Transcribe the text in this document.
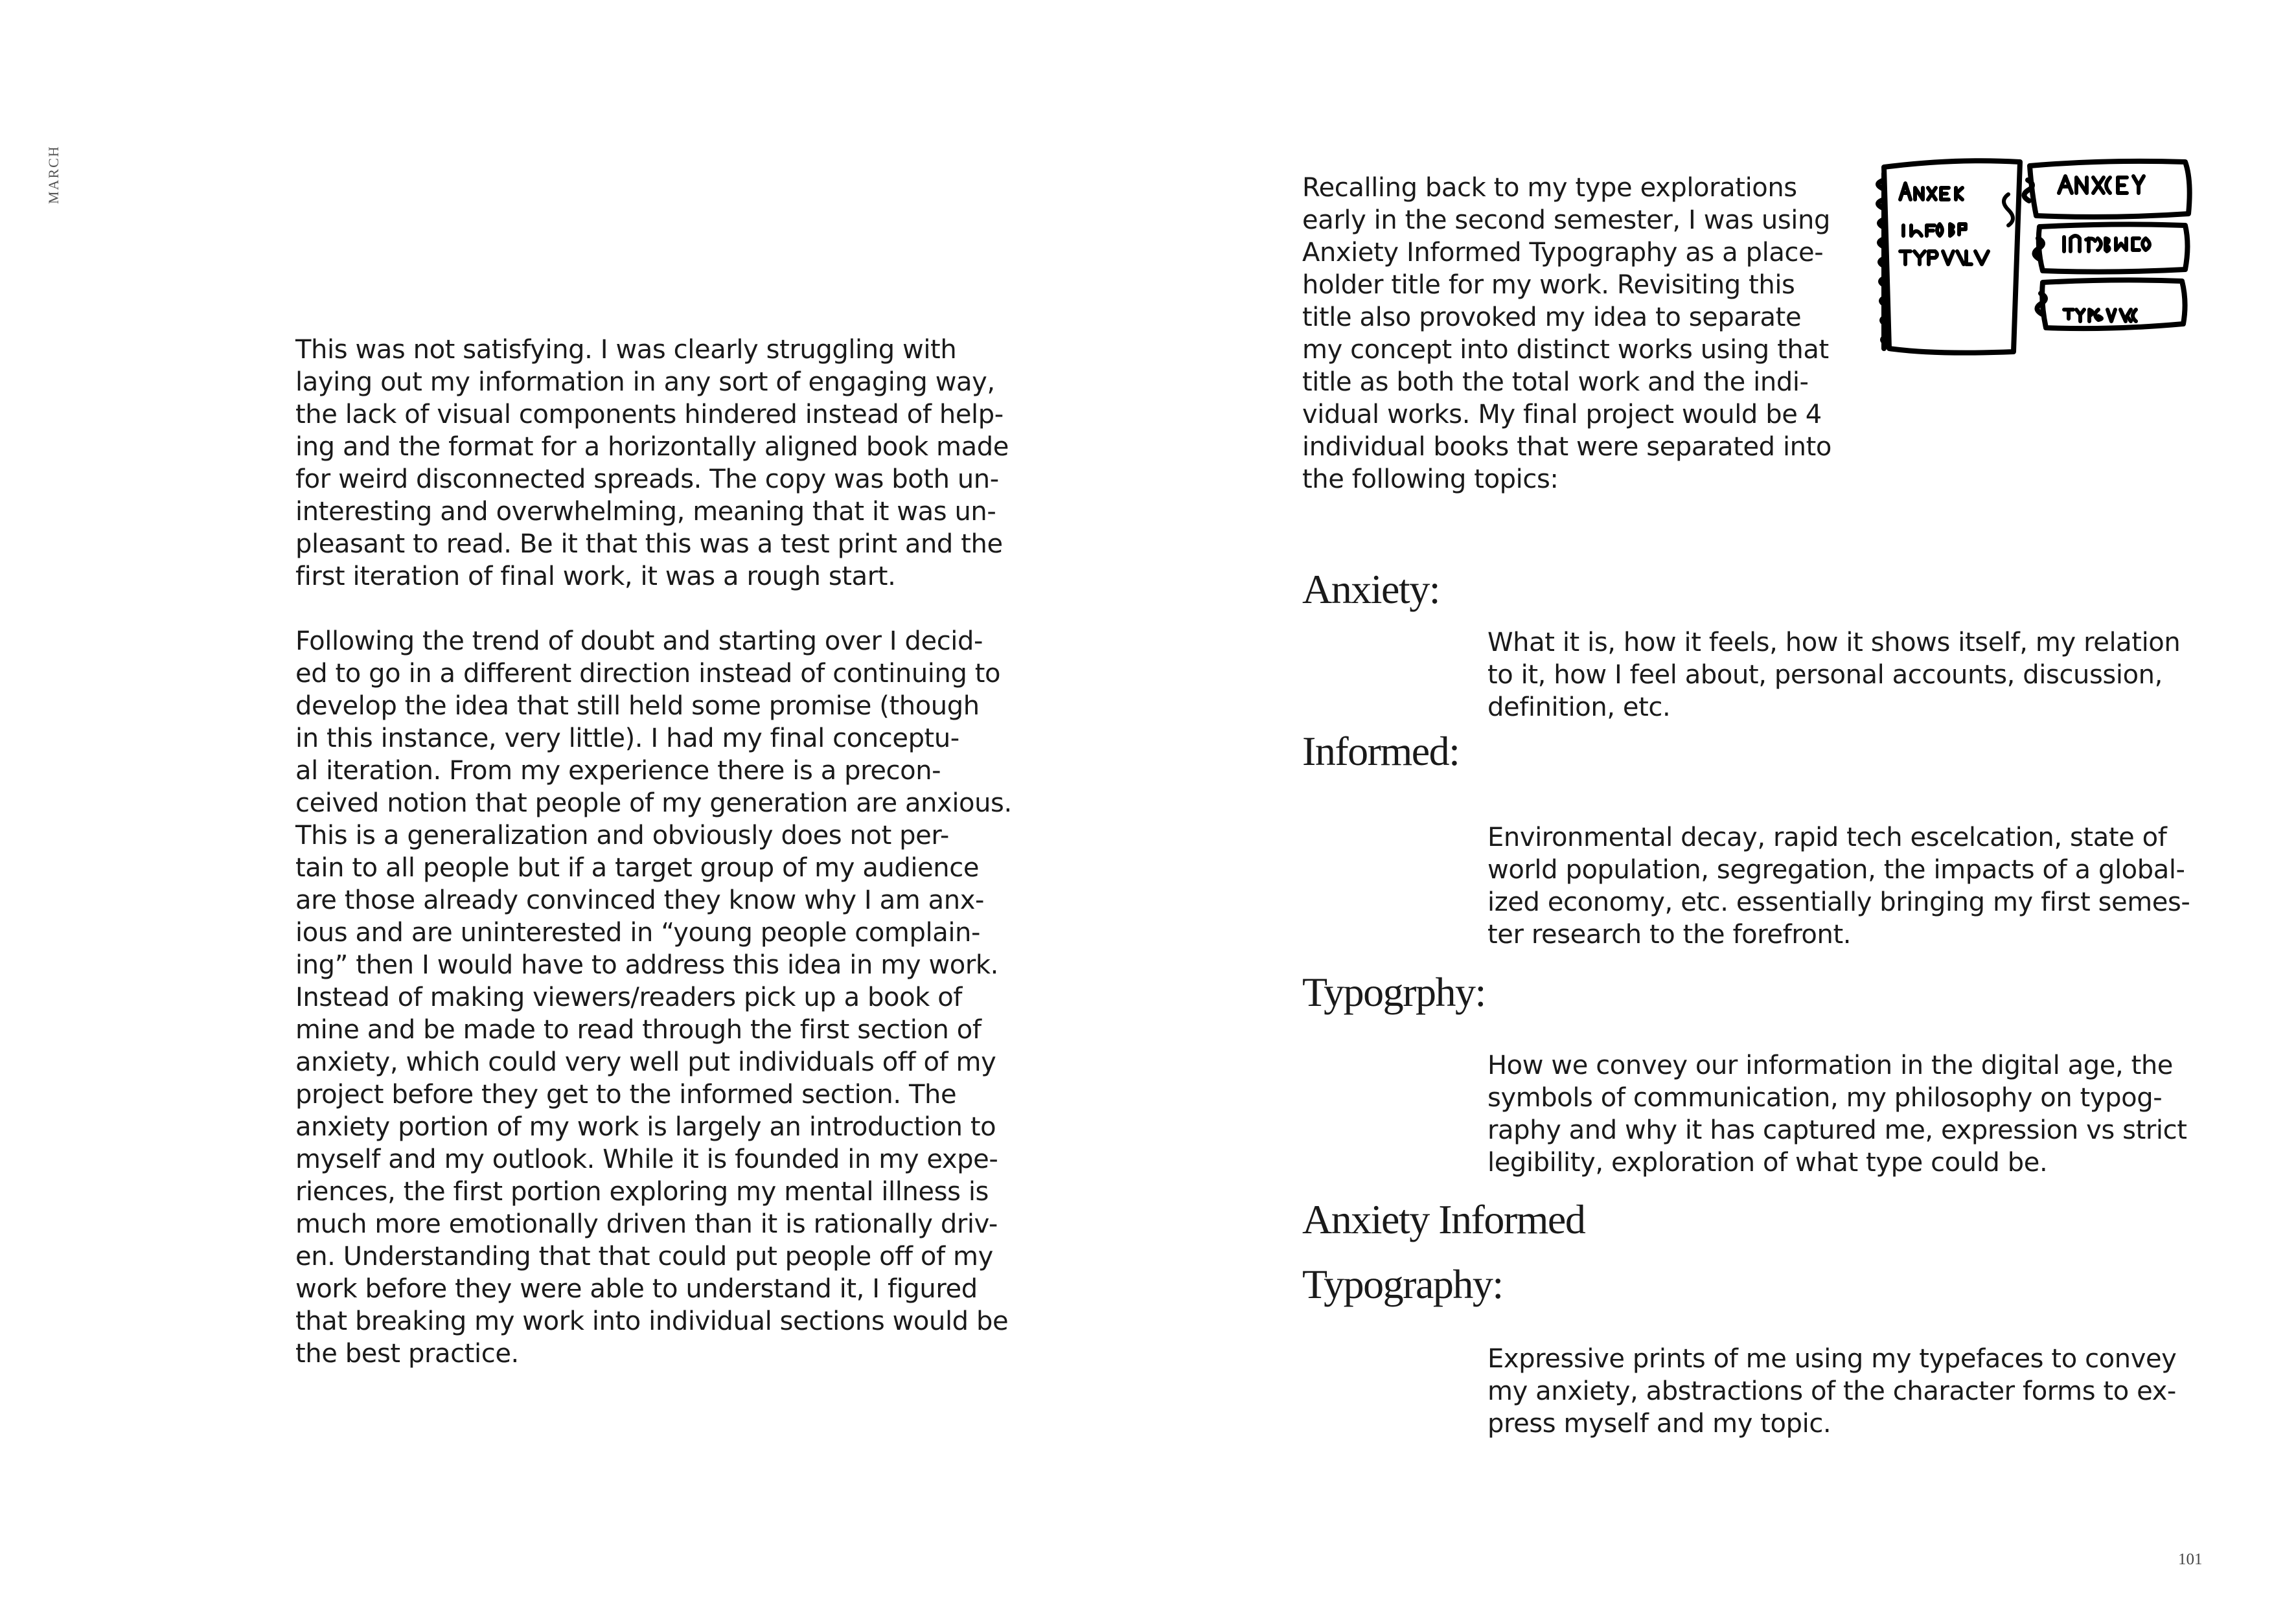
MARCH

This was not satisfying. I was clearly struggling with
laying out my information in any sort of engaging way,
the lack of visual components hindered instead of help-
ing and the format for a horizontally aligned book made
for weird disconnected spreads. The copy was both un-
interesting and overwhelming, meaning that it was un-
pleasant to read. Be it that this was a test print and the
first iteration of final work, it was a rough start.

Following the trend of doubt and starting over I decid-
ed to go in a different direction instead of continuing to
develop the idea that still held some promise (though
in this instance, very little). I had my final conceptu-
al iteration. From my experience there is a precon-
ceived notion that people of my generation are anxious.
This is a generalization and obviously does not per-
tain to all people but if a target group of my audience
are those already convinced they know why I am anx-
ious and are uninterested in “young people complain-
ing” then I would have to address this idea in my work.
Instead of making viewers/readers pick up a book of
mine and be made to read through the first section of
anxiety, which could very well put individuals off of my
project before they get to the informed section. The
anxiety portion of my work is largely an introduction to
myself and my outlook. While it is founded in my expe-
riences, the first portion exploring my mental illness is
much more emotionally driven than it is rationally driv-
en. Understanding that that could put people off of my
work before they were able to understand it, I figured
that breaking my work into individual sections would be
the best practice.

Recalling back to my type explorations
early in the second semester, I was using
Anxiety Informed Typography as a place-
holder title for my work. Revisiting this
title also provoked my idea to separate
my concept into distinct works using that
title as both the total work and the indi-
vidual works. My final project would be 4
individual books that were separated into
the following topics:

Anxiety:

What it is, how it feels, how it shows itself, my relation
to it, how I feel about, personal accounts, discussion,
definition, etc.

Informed:

Environmental decay, rapid tech escelcation, state of
world population, segregation, the impacts of a global-
ized economy, etc. essentially bringing my first semes-
ter research to the forefront.

Typogrphy:

How we convey our information in the digital age, the
symbols of communication, my philosophy on typog-
raphy and why it has captured me, expression vs strict
legibility, exploration of what type could be.

Anxiety Informed
Typography:

Expressive prints of me using my typefaces to convey
my anxiety, abstractions of the character forms to ex-
press myself and my topic.

101
